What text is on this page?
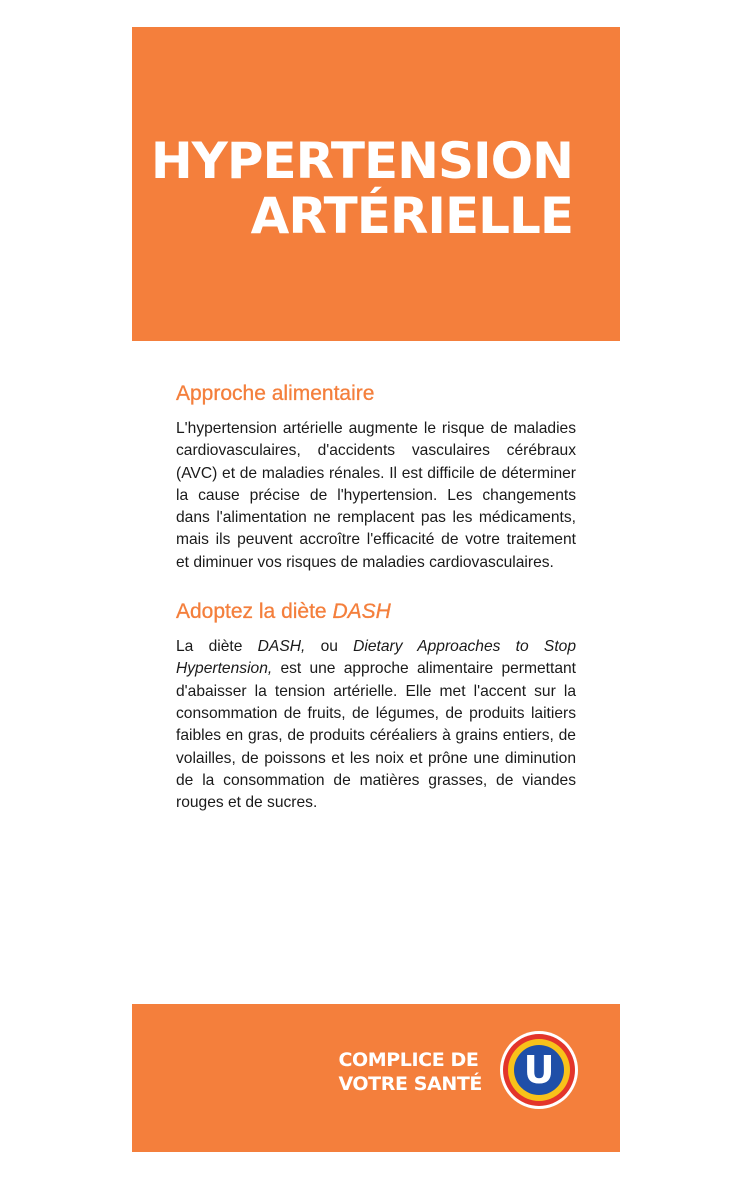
HYPERTENSION
ARTÉRIELLE
Approche alimentaire

L'hypertension artérielle augmente le risque de maladies cardiovasculaires, d'accidents vasculaires cérébraux (AVC) et de maladies rénales. Il est difficile de déterminer la cause précise de l'hypertension. Les changements dans l'alimentation ne remplacent pas les médicaments, mais ils peuvent accroître l'efficacité de votre traitement et diminuer vos risques de maladies cardiovasculaires.

Adoptez la diète DASH

La diète DASH, ou Dietary Approaches to Stop Hypertension, est une approche alimentaire permettant d'abaisser la tension artérielle. Elle met l'accent sur la consommation de fruits, de légumes, de produits laitiers faibles en gras, de produits céréaliers à grains entiers, de volailles, de poissons et les noix et prône une diminution de la consommation de matières grasses, de viandes rouges et de sucres.

COMPLICE DE
VOTRE SANTÉ U
